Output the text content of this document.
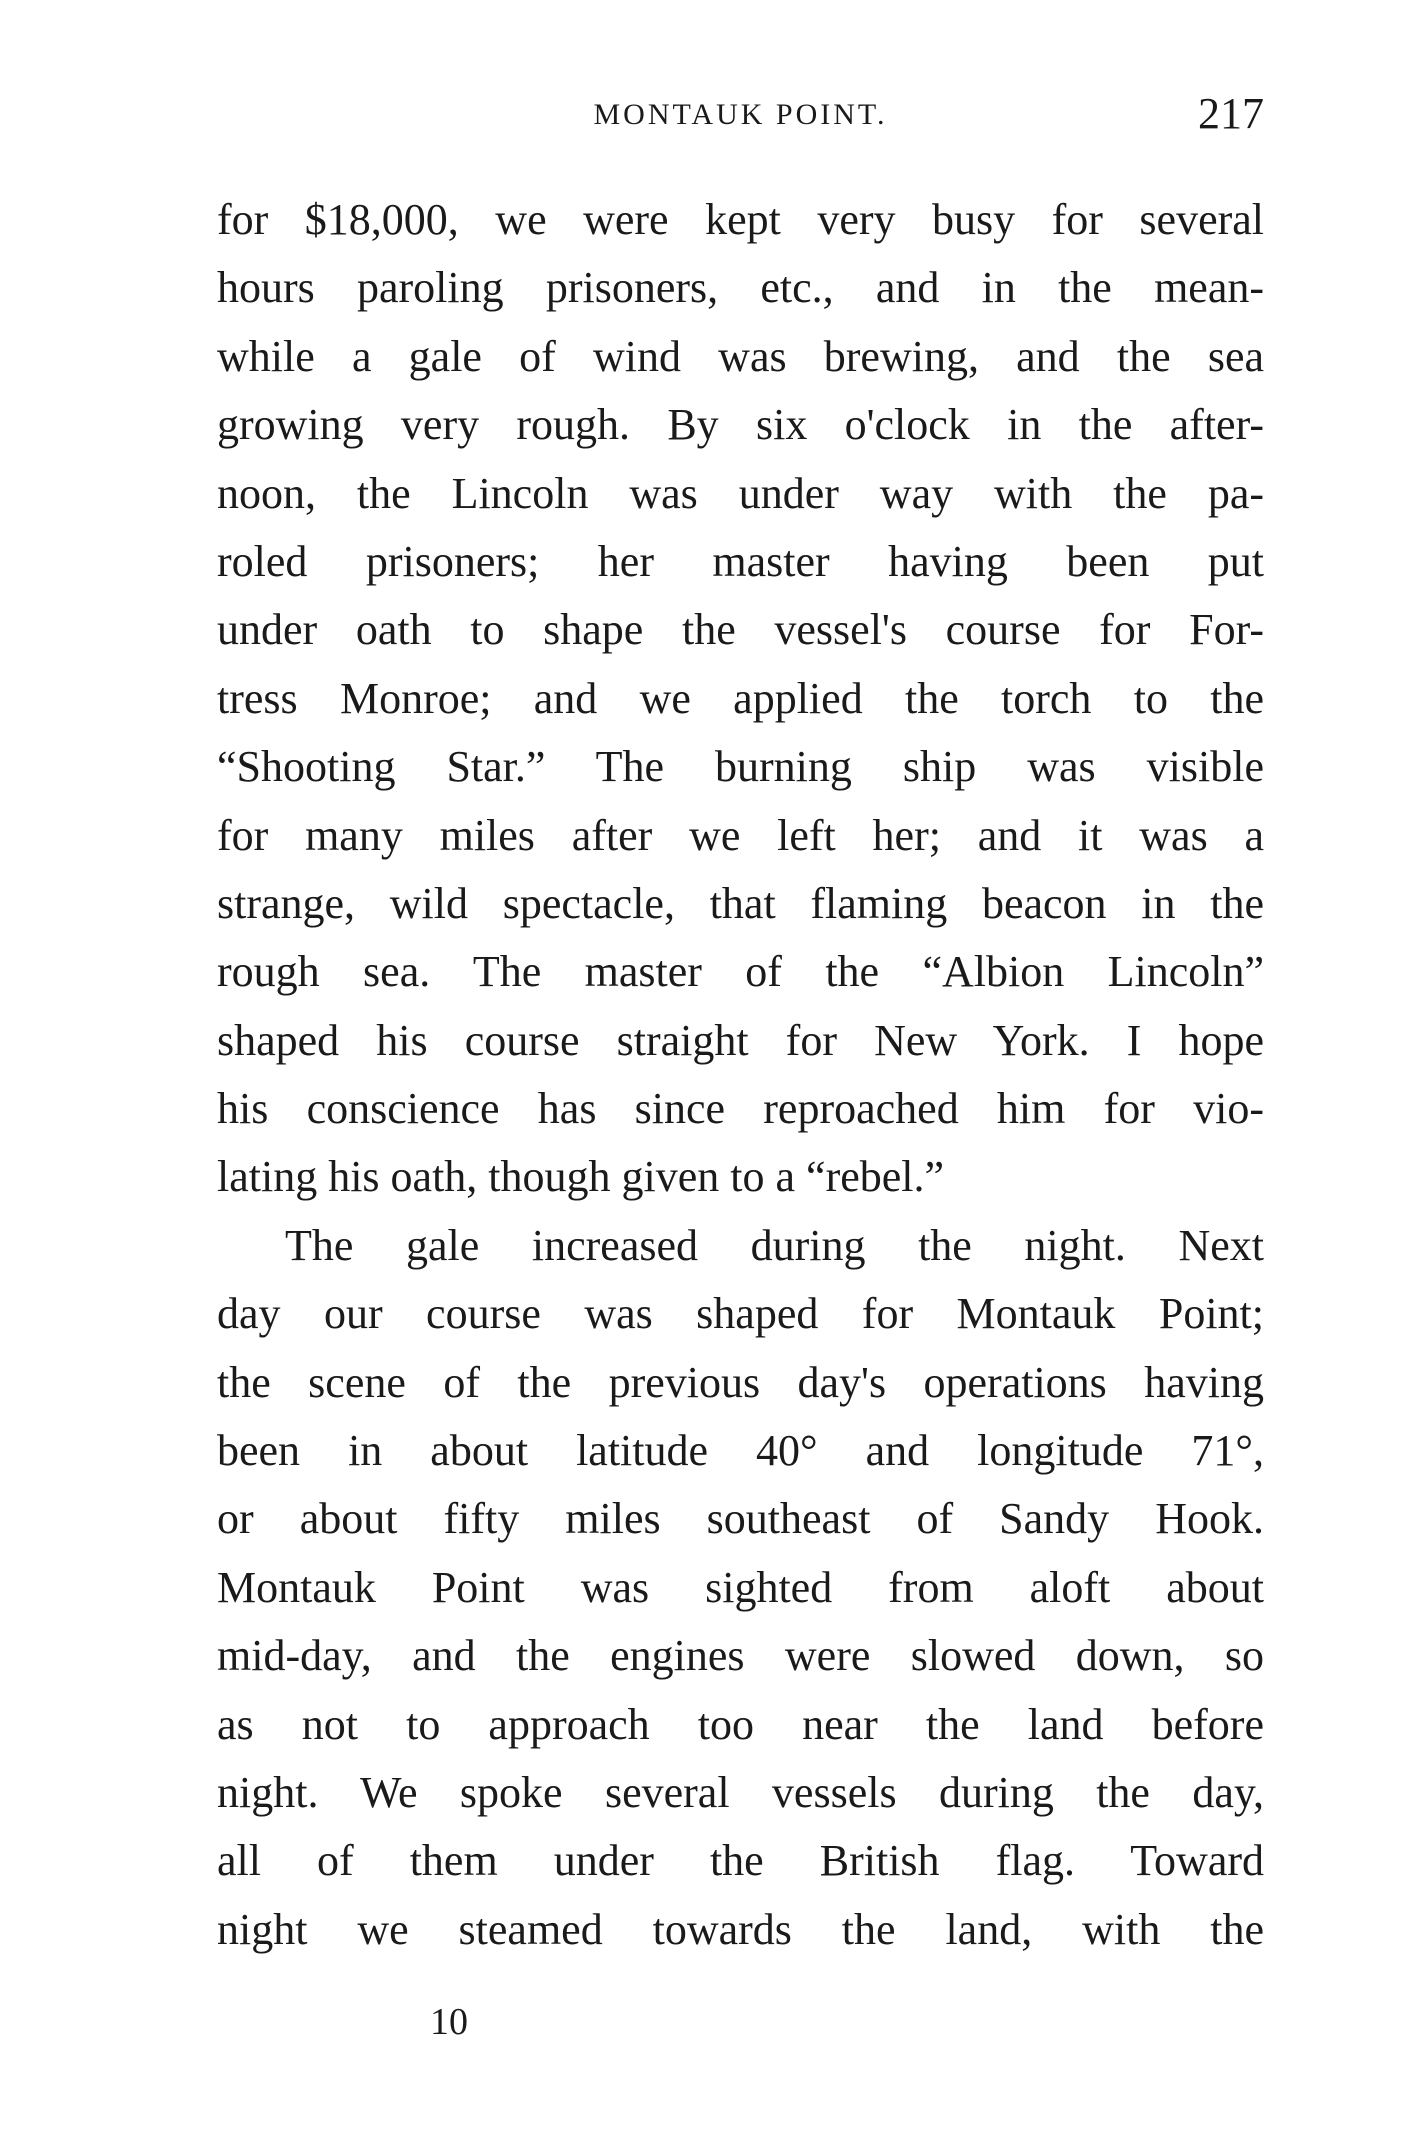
MONTAUK POINT.	217
for $18,000, we were kept very busy for several
hours paroling prisoners, etc., and in the mean-
while a gale of wind was brewing, and the sea
growing very rough. By six o'clock in the after-
noon, the Lincoln was under way with the pa-
roled prisoners; her master having been put
under oath to shape the vessel's course for For-
tress Monroe; and we applied the torch to the
“Shooting Star.” The burning ship was visible
for many miles after we left her; and it was a
strange, wild spectacle, that flaming beacon in the
rough sea. The master of the “Albion Lincoln”
shaped his course straight for New York. I hope
his conscience has since reproached him for vio-
lating his oath, though given to a “rebel.”
The gale increased during the night. Next
day our course was shaped for Montauk Point;
the scene of the previous day's operations having
been in about latitude 40° and longitude 71°,
or about fifty miles southeast of Sandy Hook.
Montauk Point was sighted from aloft about
mid-day, and the engines were slowed down, so
as not to approach too near the land before
night. We spoke several vessels during the day,
all of them under the British flag. Toward
night we steamed towards the land, with the
10
